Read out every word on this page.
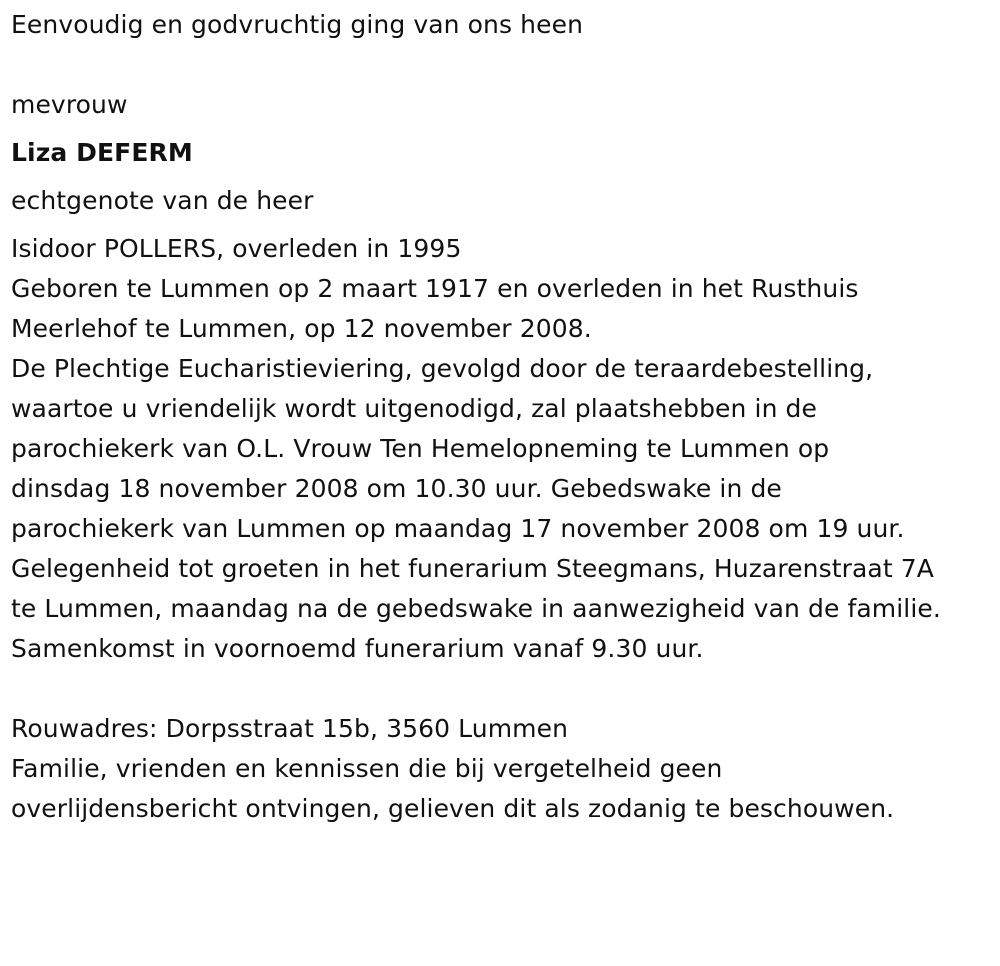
Eenvoudig en godvruchtig ging van ons heen
mevrouw
Liza DEFERM
echtgenote van de heer
Isidoor POLLERS, overleden in 1995
Geboren te Lummen op 2 maart 1917 en overleden in het Rusthuis
Meerlehof te Lummen, op 12 november 2008.
De Plechtige Eucharistieviering, gevolgd door de teraardebestelling,
waartoe u vriendelijk wordt uitgenodigd, zal plaatshebben in de
parochiekerk van O.L. Vrouw Ten Hemelopneming te Lummen op
dinsdag 18 november 2008 om 10.30 uur. Gebedswake in de
parochiekerk van Lummen op maandag 17 november 2008 om 19 uur.
Gelegenheid tot groeten in het funerarium Steegmans, Huzarenstraat 7A
te Lummen, maandag na de gebedswake in aanwezigheid van de familie.
Samenkomst in voornoemd funerarium vanaf 9.30 uur.
Rouwadres: Dorpsstraat 15b, 3560 Lummen
Familie, vrienden en kennissen die bij vergetelheid geen
overlijdensbericht ontvingen, gelieven dit als zodanig te beschouwen.
